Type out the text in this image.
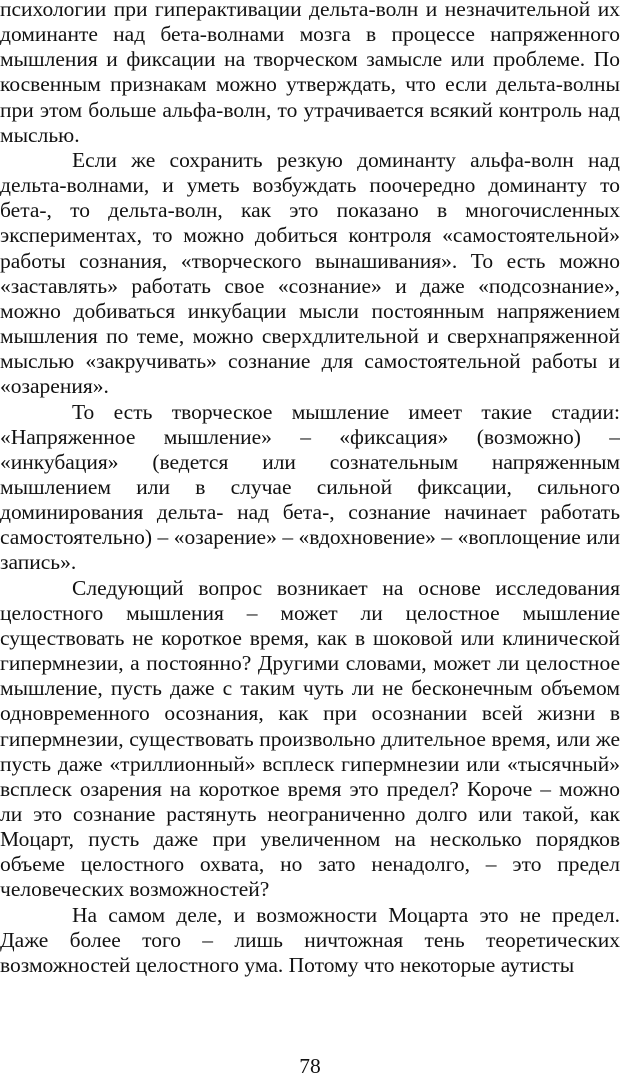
психологии при гиперактивации дельта-волн и незначительной их доминанте над бета-волнами мозга в процессе напряженного мышления и фиксации на творческом замысле или проблеме. По косвенным признакам можно утверждать, что если дельта-волны при этом больше альфа-волн, то утрачивается всякий контроль над мыслью.

Если же сохранить резкую доминанту альфа-волн над дельта-волнами, и уметь возбуждать поочередно доминанту то бета-, то дельта-волн, как это показано в многочисленных экспериментах, то можно добиться контроля «самостоятельной» работы сознания, «творческого вынашивания». То есть можно «заставлять» работать свое «сознание» и даже «подсознание», можно добиваться инкубации мысли постоянным напряжением мышления по теме, можно сверхдлительной и сверхнапряженной мыслью «закручивать» сознание для самостоятельной работы и «озарения».

То есть творческое мышление имеет такие стадии: «Напряженное мышление» – «фиксация» (возможно) – «инкубация» (ведется или сознательным напряженным мышлением или в случае сильной фиксации, сильного доминирования дельта- над бета-, сознание начинает работать самостоятельно) – «озарение» – «вдохновение» – «воплощение или запись».

Следующий вопрос возникает на основе исследования целостного мышления – может ли целостное мышление существовать не короткое время, как в шоковой или клинической гипермнезии, а постоянно? Другими словами, может ли целостное мышление, пусть даже с таким чуть ли не бесконечным объемом одновременного осознания, как при осознании всей жизни в гипермнезии, существовать произвольно длительное время, или же пусть даже «триллионный» всплеск гипермнезии или «тысячный» всплеск озарения на короткое время это предел? Короче – можно ли это сознание растянуть неограниченно долго или такой, как Моцарт, пусть даже при увеличенном на несколько порядков объеме целостного охвата, но зато ненадолго, – это предел человеческих возможностей?

На самом деле, и возможности Моцарта это не предел. Даже более того – лишь ничтожная тень теоретических возможностей целостного ума. Потому что некоторые аутисты

78
